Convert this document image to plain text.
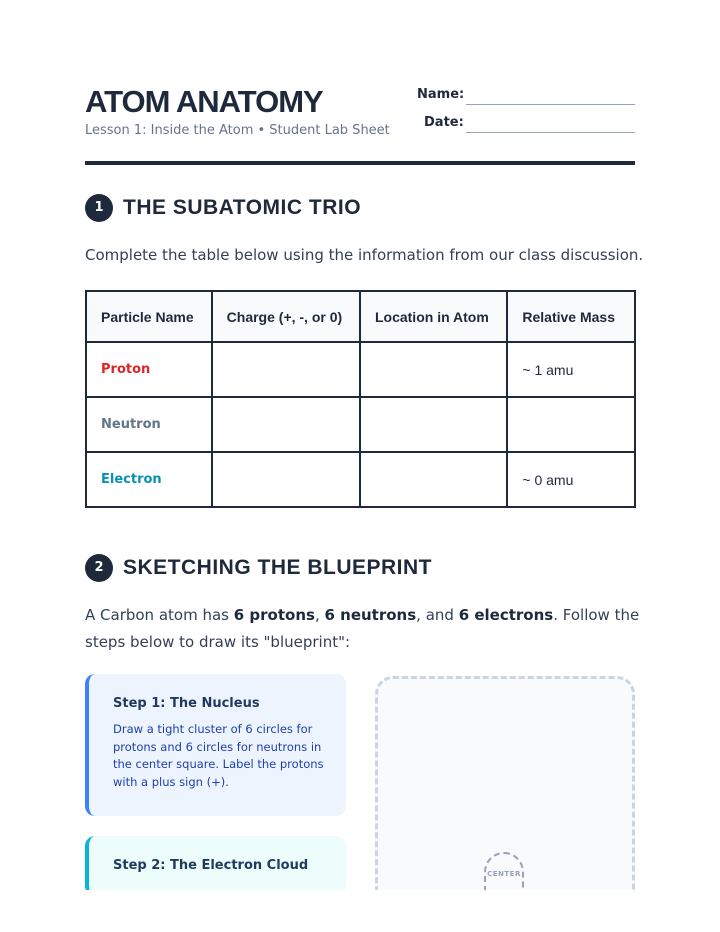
ATOM ANATOMY
Lesson 1: Inside the Atom • Student Lab Sheet
Name:
Date:
1 THE SUBATOMIC TRIO
Complete the table below using the information from our class discussion.
Particle Name	Charge (+, -, or 0)	Location in Atom	Relative Mass
Proton			~ 1 amu
Neutron			
Electron			~ 0 amu
2 SKETCHING THE BLUEPRINT
A Carbon atom has 6 protons, 6 neutrons, and 6 electrons. Follow the steps below to draw its "blueprint":
Step 1: The Nucleus
Draw a tight cluster of 6 circles for protons and 6 circles for neutrons in the center square. Label the protons with a plus sign (+).
Step 2: The Electron Cloud
CENTER
